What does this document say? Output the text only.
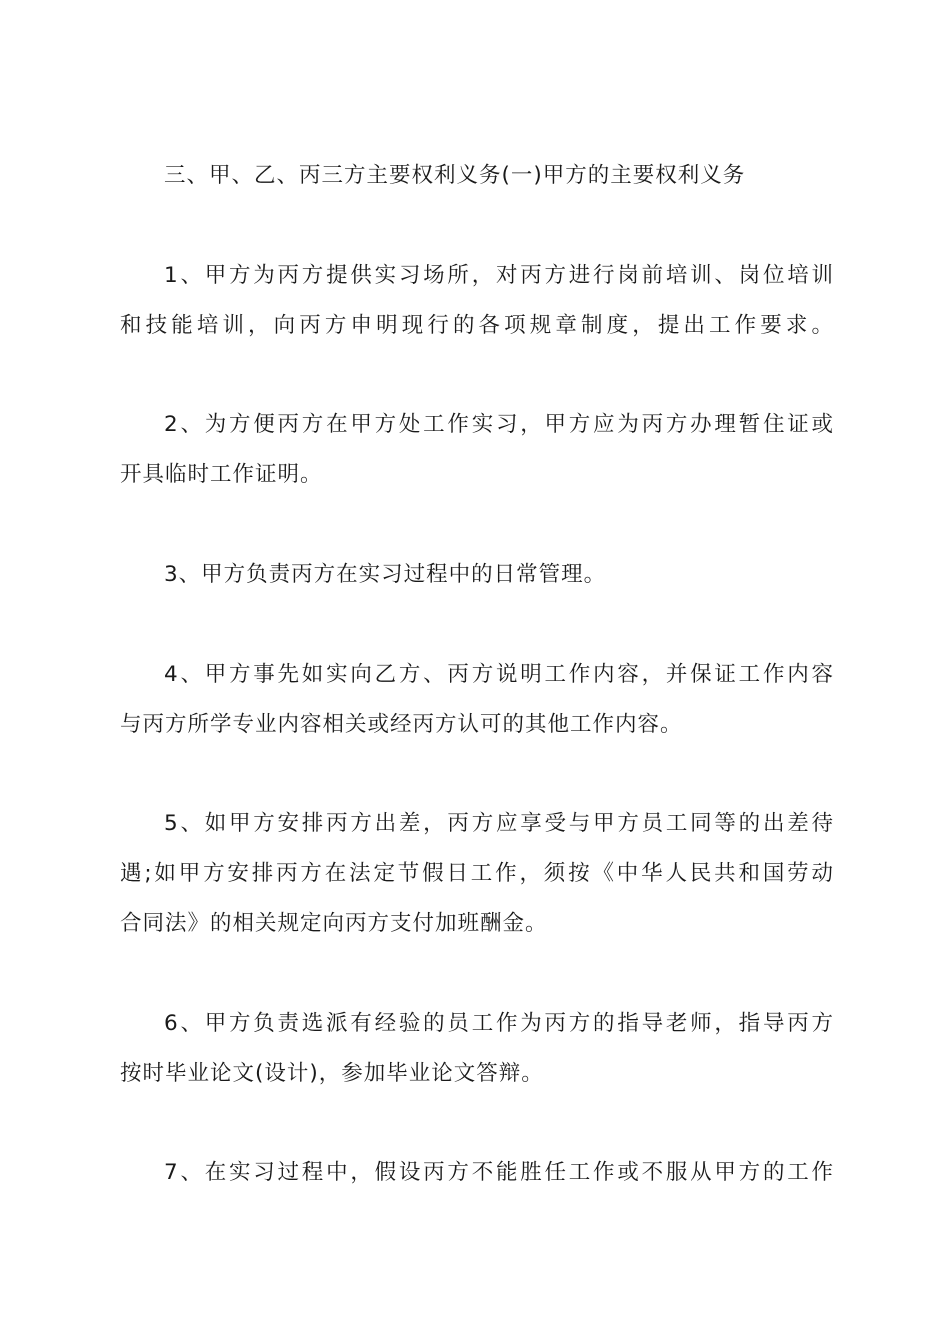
三、甲、乙、丙三方主要权利义务(一)甲方的主要权利义务
1、甲方为丙方提供实习场所，对丙方进行岗前培训、岗位培训
和技能培训，向丙方申明现行的各项规章制度，提出工作要求。
2、为方便丙方在甲方处工作实习，甲方应为丙方办理暂住证或
开具临时工作证明。
3、甲方负责丙方在实习过程中的日常管理。
4、甲方事先如实向乙方、丙方说明工作内容，并保证工作内容
与丙方所学专业内容相关或经丙方认可的其他工作内容。
5、如甲方安排丙方出差，丙方应享受与甲方员工同等的出差待
遇;如甲方安排丙方在法定节假日工作，须按《中华人民共和国劳动
合同法》的相关规定向丙方支付加班酬金。
6、甲方负责选派有经验的员工作为丙方的指导老师，指导丙方
按时毕业论文(设计)，参加毕业论文答辩。
7、在实习过程中，假设丙方不能胜任工作或不服从甲方的工作
